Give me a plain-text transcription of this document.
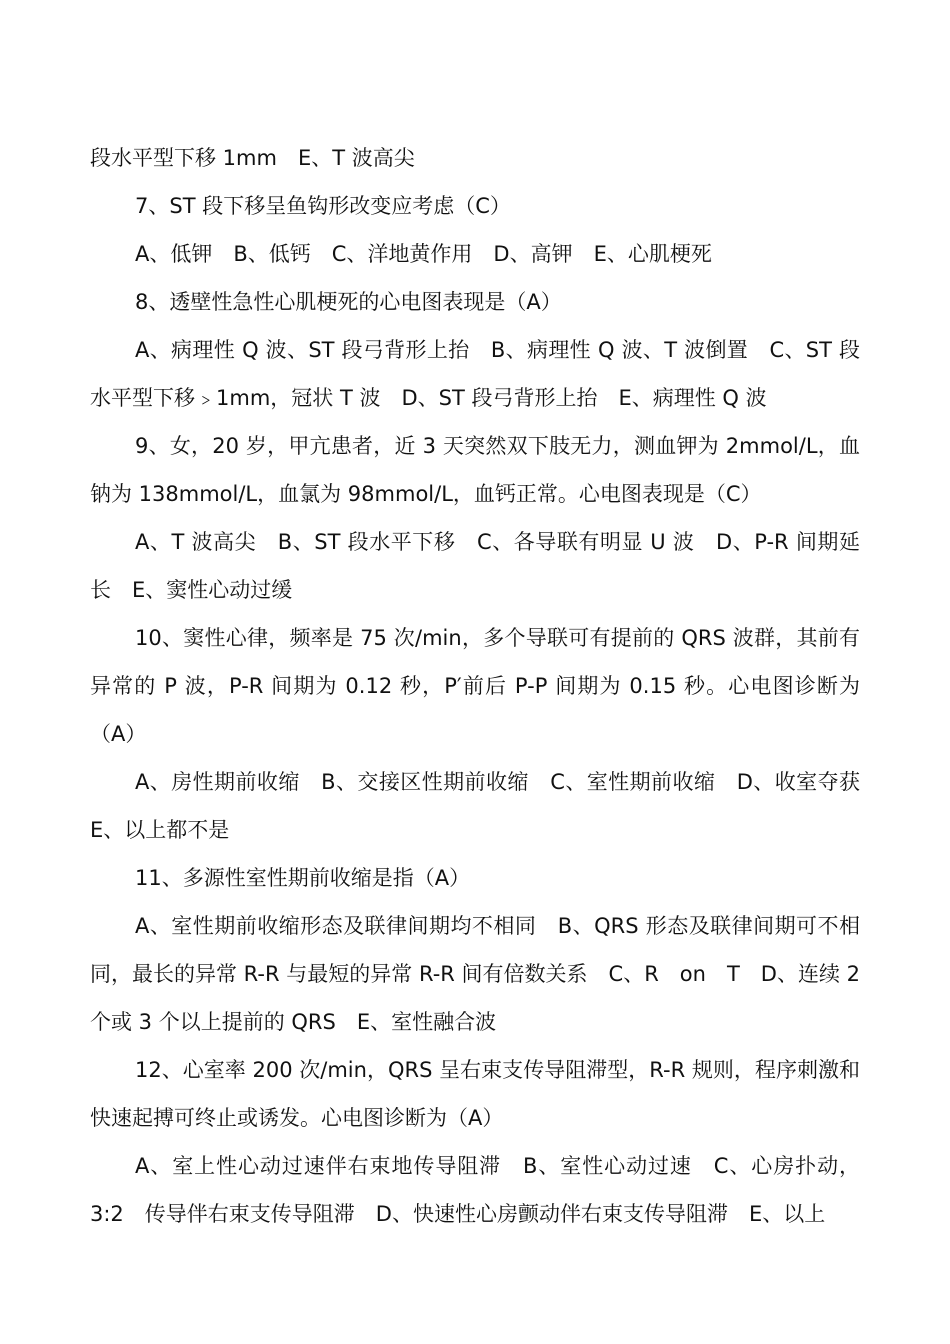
段水平型下移 1mm　E、T 波高尖

7、ST 段下移呈鱼钩形改变应考虑（C）

A、低钾　B、低钙　C、洋地黄作用　D、高钾　E、心肌梗死

8、透壁性急性心肌梗死的心电图表现是（A）

A、病理性 Q 波、ST 段弓背形上抬　B、病理性 Q 波、T 波倒置　C、ST 段水平型下移﹥1mm，冠状 T 波　D、ST 段弓背形上抬　E、病理性 Q 波

9、女，20 岁，甲亢患者，近 3 天突然双下肢无力，测血钾为 2mmol/L，血钠为 138mmol/L，血氯为 98mmol/L，血钙正常。心电图表现是（C）

A、T 波高尖　B、ST 段水平下移　C、各导联有明显 U 波　D、P-R 间期延长　E、窦性心动过缓

10、窦性心律，频率是 75 次/min，多个导联可有提前的 QRS 波群，其前有异常的 P 波，P-R 间期为 0.12 秒，P′前后 P-P 间期为 0.15 秒。心电图诊断为（A）

A、房性期前收缩　B、交接区性期前收缩　C、室性期前收缩　D、收室夺获　E、以上都不是

11、多源性室性期前收缩是指（A）

A、室性期前收缩形态及联律间期均不相同　B、QRS 形态及联律间期可不相同，最长的异常 R-R 与最短的异常 R-R 间有倍数关系　C、R　on　T　D、连续 2 个或 3 个以上提前的 QRS　E、室性融合波

12、心室率 200 次/min，QRS 呈右束支传导阻滞型，R-R 规则，程序刺激和快速起搏可终止或诱发。心电图诊断为（A）

A、室上性心动过速伴右束地传导阻滞　B、室性心动过速　C、心房扑动，3:2　传导伴右束支传导阻滞　D、快速性心房颤动伴右束支传导阻滞　E、以上
